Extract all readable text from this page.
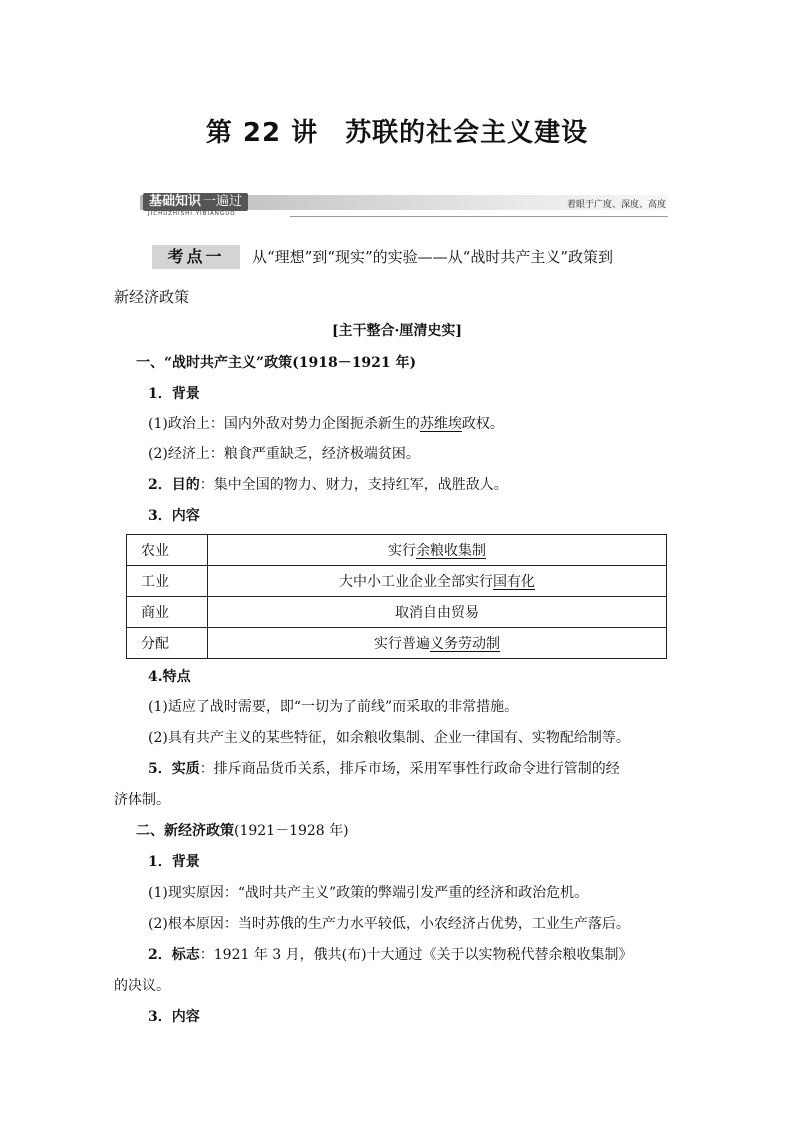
第 22 讲　苏联的社会主义建设
基础知识 一遍过
JICHUZHISHI YIBIANGUO
着眼于广度、深度、高度
考点一	从“理想”到“现实”的实验——从“战时共产主义”政策到
新经济政策
[主干整合·厘清史实]
一、“战时共产主义”政策(1918－1921 年)
1．背景
(1)政治上：国内外敌对势力企图扼杀新生的苏维埃政权。
(2)经济上：粮食严重缺乏，经济极端贫困。
2．目的：集中全国的物力、财力，支持红军，战胜敌人。
3．内容
农业	实行余粮收集制
工业	大中小工业企业全部实行国有化
商业	取消自由贸易
分配	实行普遍义务劳动制
4.特点
(1)适应了战时需要，即“一切为了前线”而采取的非常措施。
(2)具有共产主义的某些特征，如余粮收集制、企业一律国有、实物配给制等。
5．实质：排斥商品货币关系，排斥市场，采用军事性行政命令进行管制的经
济体制。
二、新经济政策(1921－1928 年)
1．背景
(1)现实原因：“战时共产主义”政策的弊端引发严重的经济和政治危机。
(2)根本原因：当时苏俄的生产力水平较低，小农经济占优势，工业生产落后。
2．标志：1921 年 3 月，俄共(布)十大通过《关于以实物税代替余粮收集制》
的决议。
3．内容
